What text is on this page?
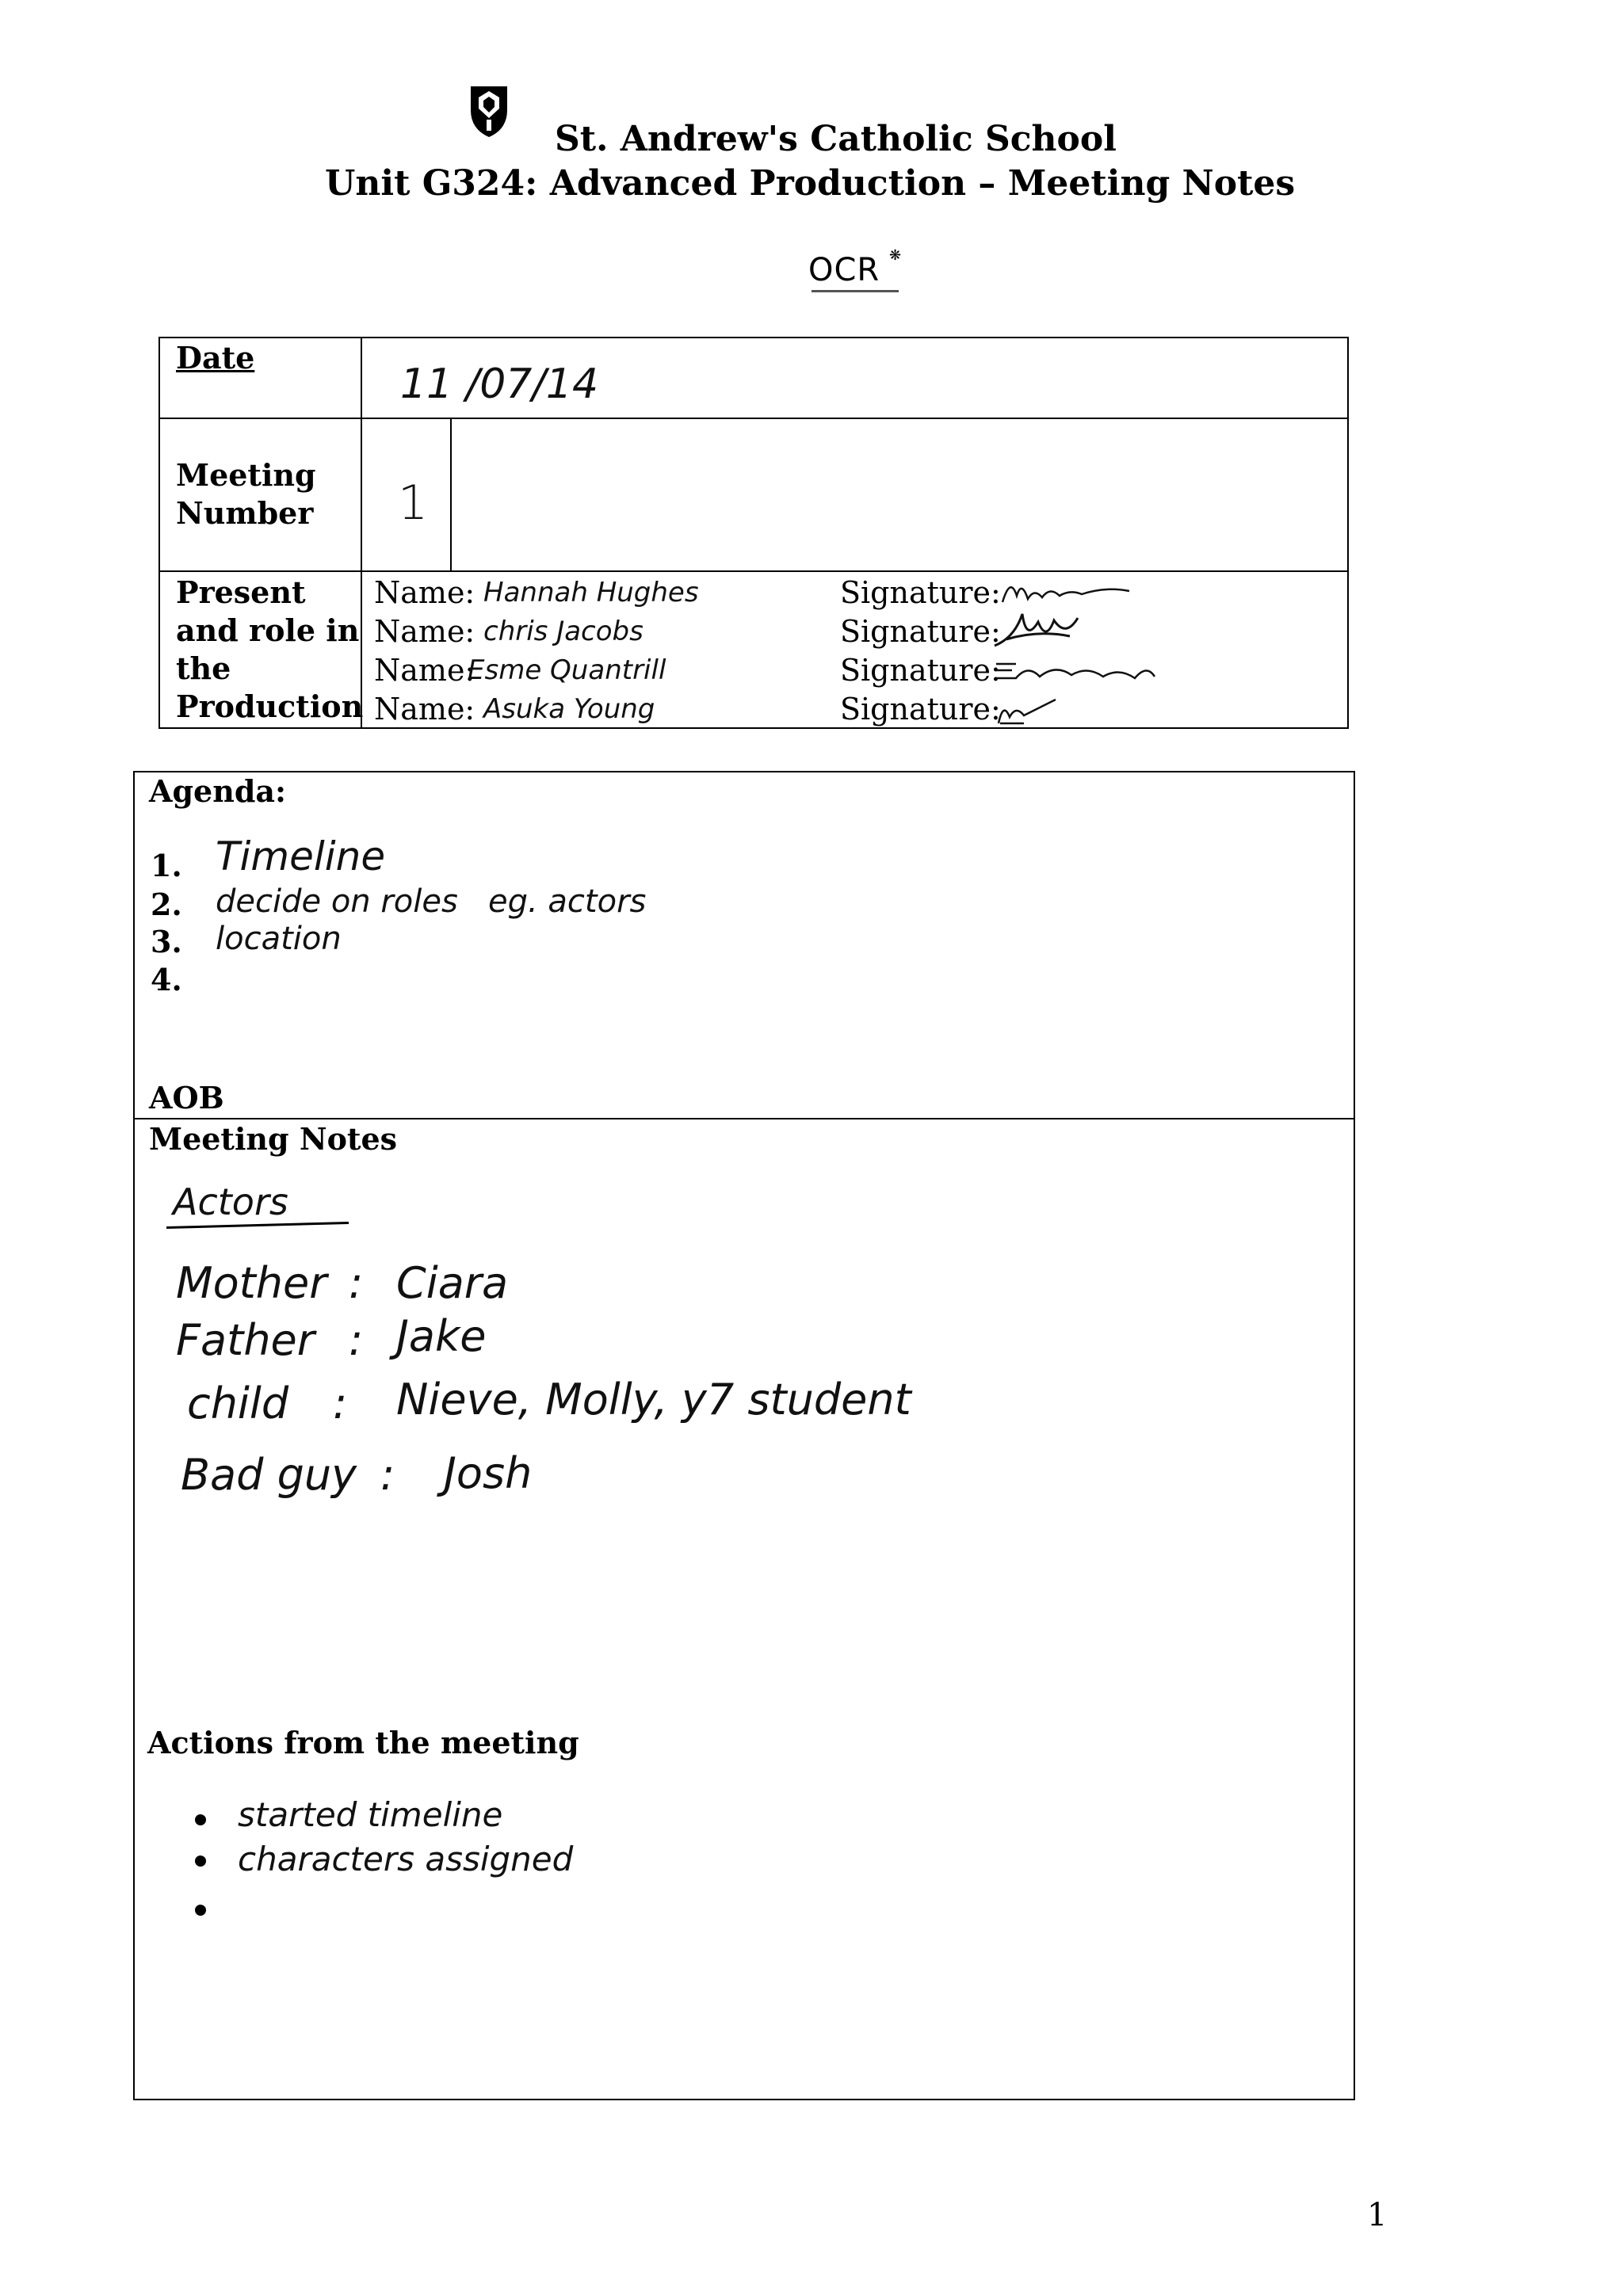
St. Andrew's Catholic School
Unit G324: Advanced Production – Meeting Notes
OCR ❋
Date
11 /07/14
Meeting
Number 1
Present
and role in
the
Production
Name:
Name:
Name:
Name:
Hannah Hughes
chris Jacobs
Esme Quantrill
Asuka Young
Signature:
Signature:
Signature:
Signature:
Agenda:
1.
2.
3.
4.
Timeline
decide on roles   eg. actors
location
AOB
Meeting Notes
Actors
Mother : Ciara
Father : Jake
child : Nieve, Molly, y7 student
Bad guy : Josh
Actions from the meeting
started timeline
characters assigned
1
